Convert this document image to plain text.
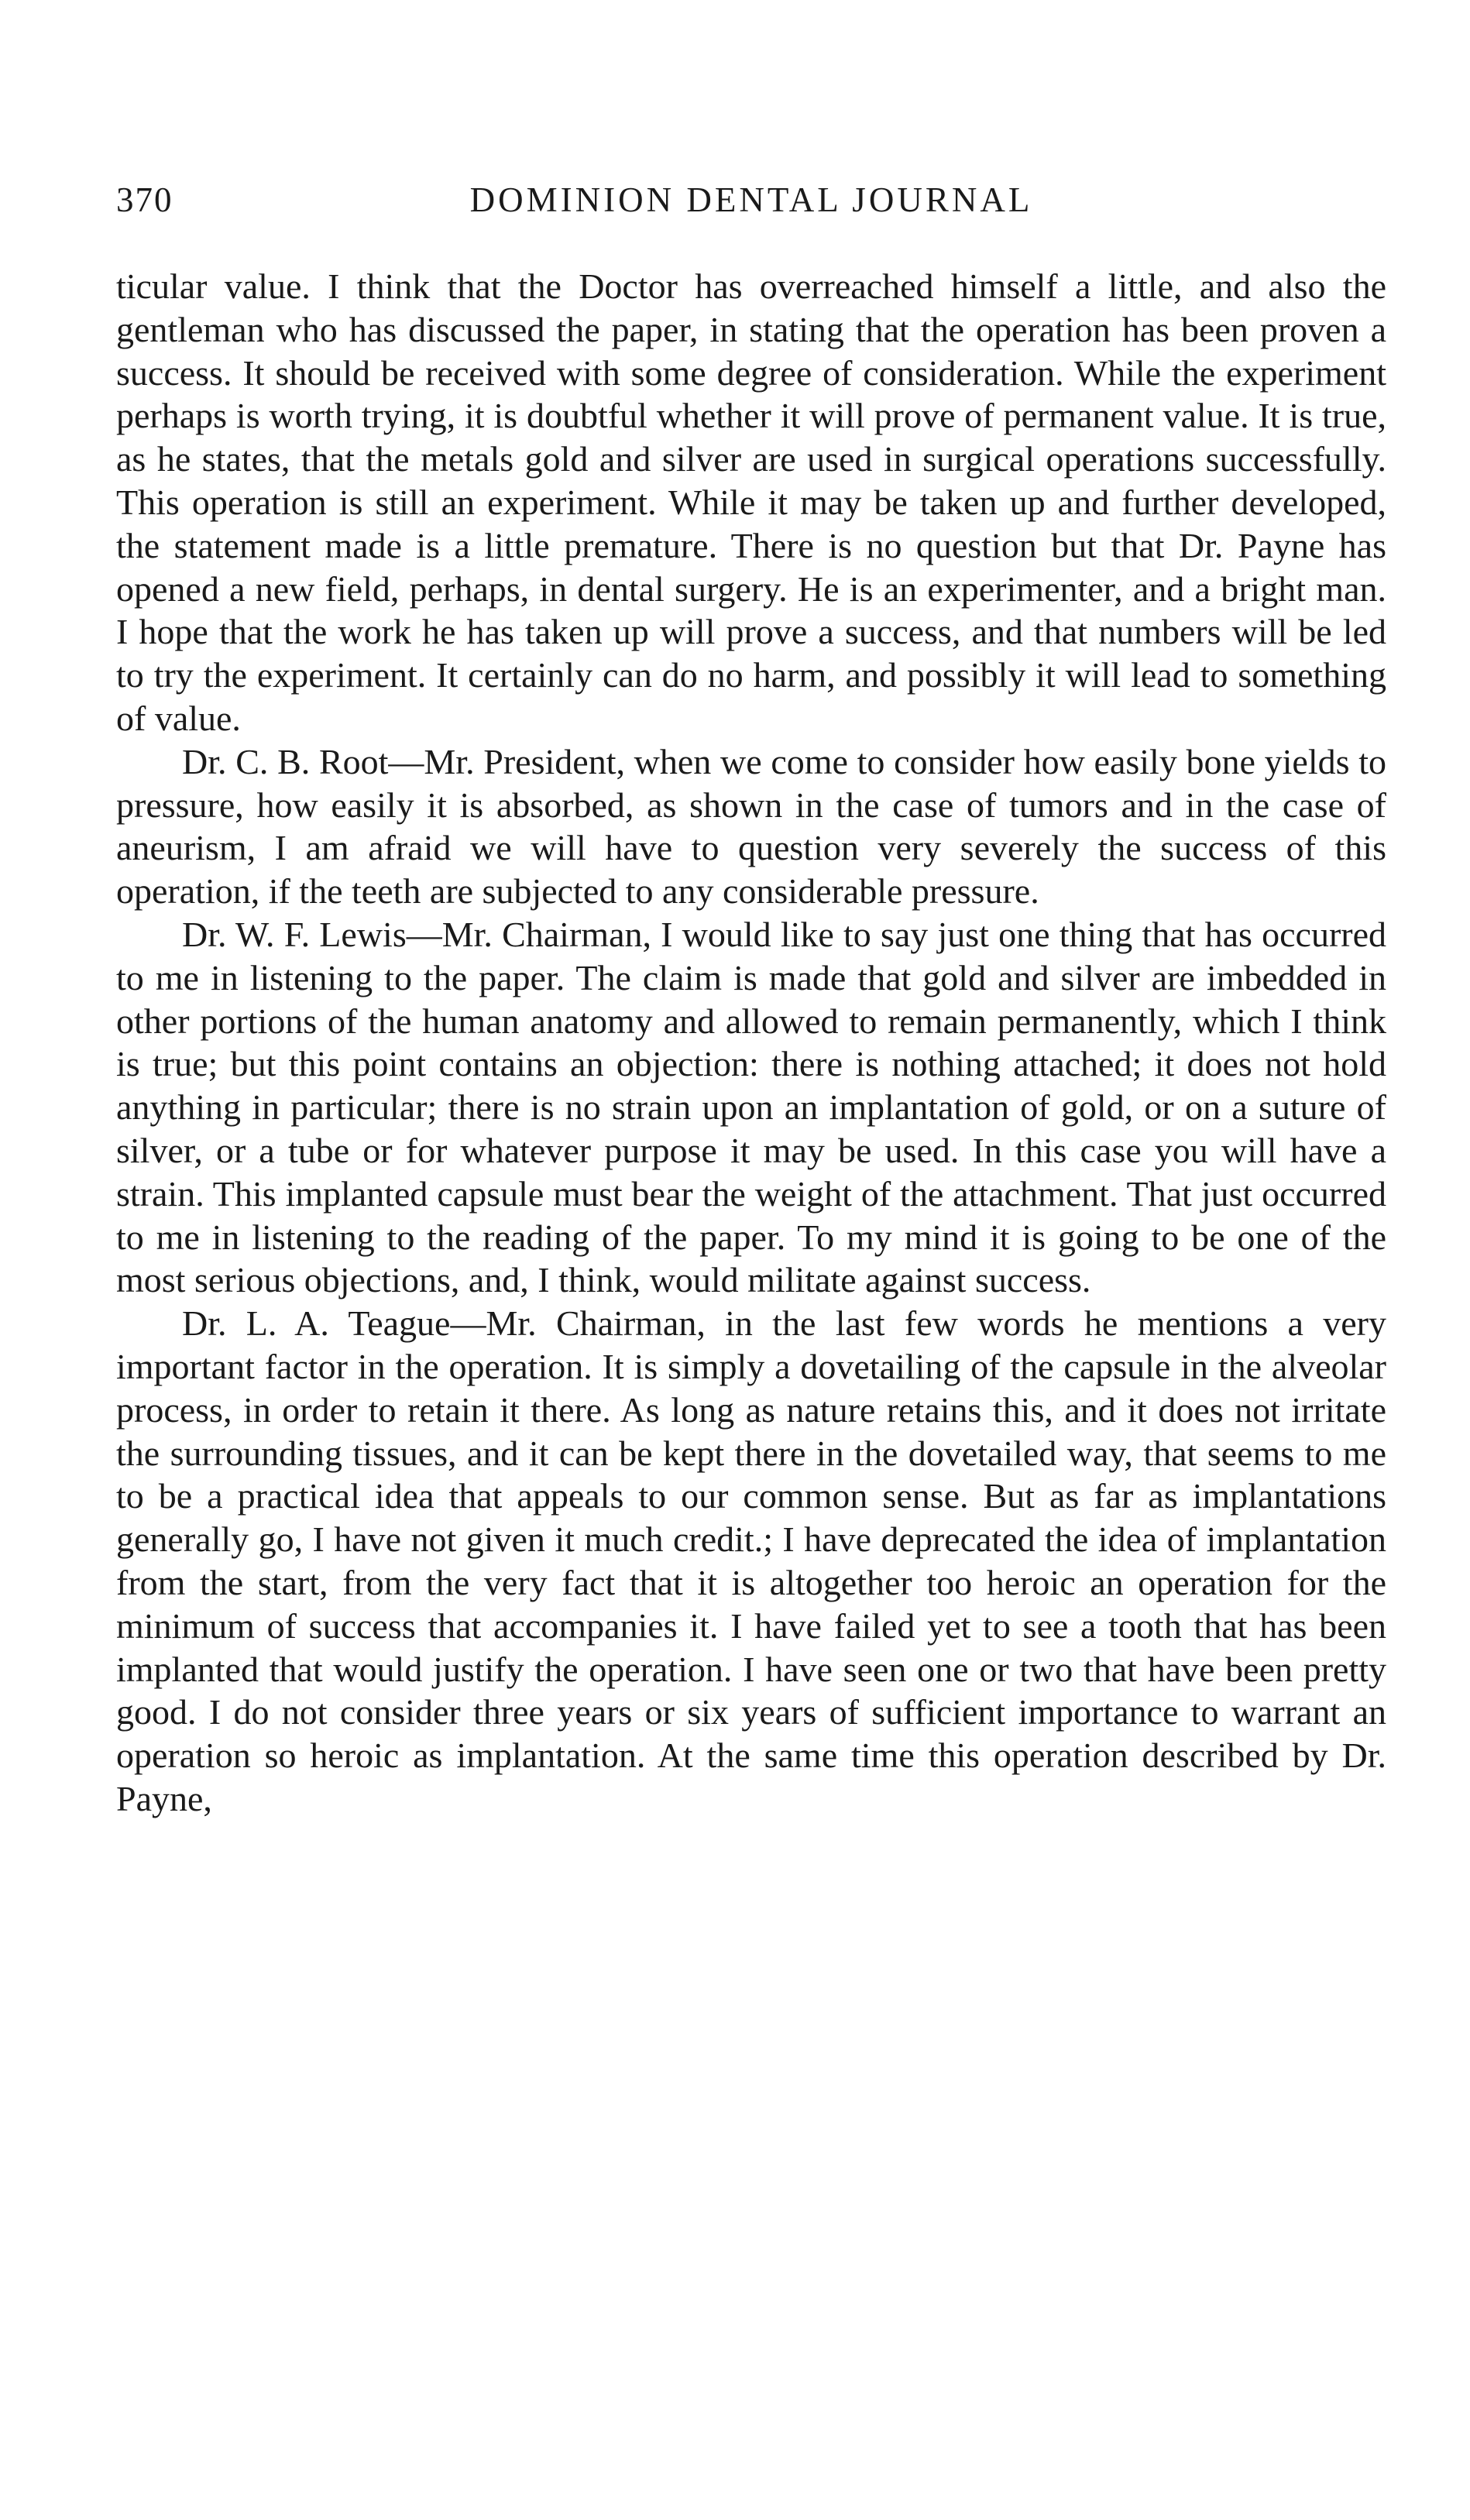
370	DOMINION DENTAL JOURNAL

ticular value. I think that the Doctor has overreached himself a little, and also the gentleman who has discussed the paper, in stating that the operation has been proven a success. It should be received with some degree of consideration. While the experiment perhaps is worth trying, it is doubtful whether it will prove of permanent value. It is true, as he states, that the metals gold and silver are used in surgical operations successfully. This operation is still an experiment. While it may be taken up and further developed, the statement made is a little premature. There is no question but that Dr. Payne has opened a new field, perhaps, in dental surgery. He is an experimenter, and a bright man. I hope that the work he has taken up will prove a success, and that numbers will be led to try the experiment. It certainly can do no harm, and possibly it will lead to something of value.

Dr. C. B. Root—Mr. President, when we come to consider how easily bone yields to pressure, how easily it is absorbed, as shown in the case of tumors and in the case of aneurism, I am afraid we will have to question very severely the success of this operation, if the teeth are subjected to any considerable pressure.

Dr. W. F. Lewis—Mr. Chairman, I would like to say just one thing that has occurred to me in listening to the paper. The claim is made that gold and silver are imbedded in other portions of the human anatomy and allowed to remain permanently, which I think is true; but this point contains an objection: there is nothing attached; it does not hold anything in particular; there is no strain upon an implantation of gold, or on a suture of silver, or a tube or for whatever purpose it may be used. In this case you will have a strain. This implanted capsule must bear the weight of the attachment. That just occurred to me in listening to the reading of the paper. To my mind it is going to be one of the most serious objections, and, I think, would militate against success.

Dr. L. A. Teague—Mr. Chairman, in the last few words he mentions a very important factor in the operation. It is simply a dovetailing of the capsule in the alveolar process, in order to retain it there. As long as nature retains this, and it does not irritate the surrounding tissues, and it can be kept there in the dovetailed way, that seems to me to be a practical idea that appeals to our common sense. But as far as implantations generally go, I have not given it much credit.; I have deprecated the idea of implantation from the start, from the very fact that it is altogether too heroic an operation for the minimum of success that accompanies it. I have failed yet to see a tooth that has been implanted that would justify the operation. I have seen one or two that have been pretty good. I do not consider three years or six years of sufficient importance to warrant an operation so heroic as implantation. At the same time this operation described by Dr. Payne,
